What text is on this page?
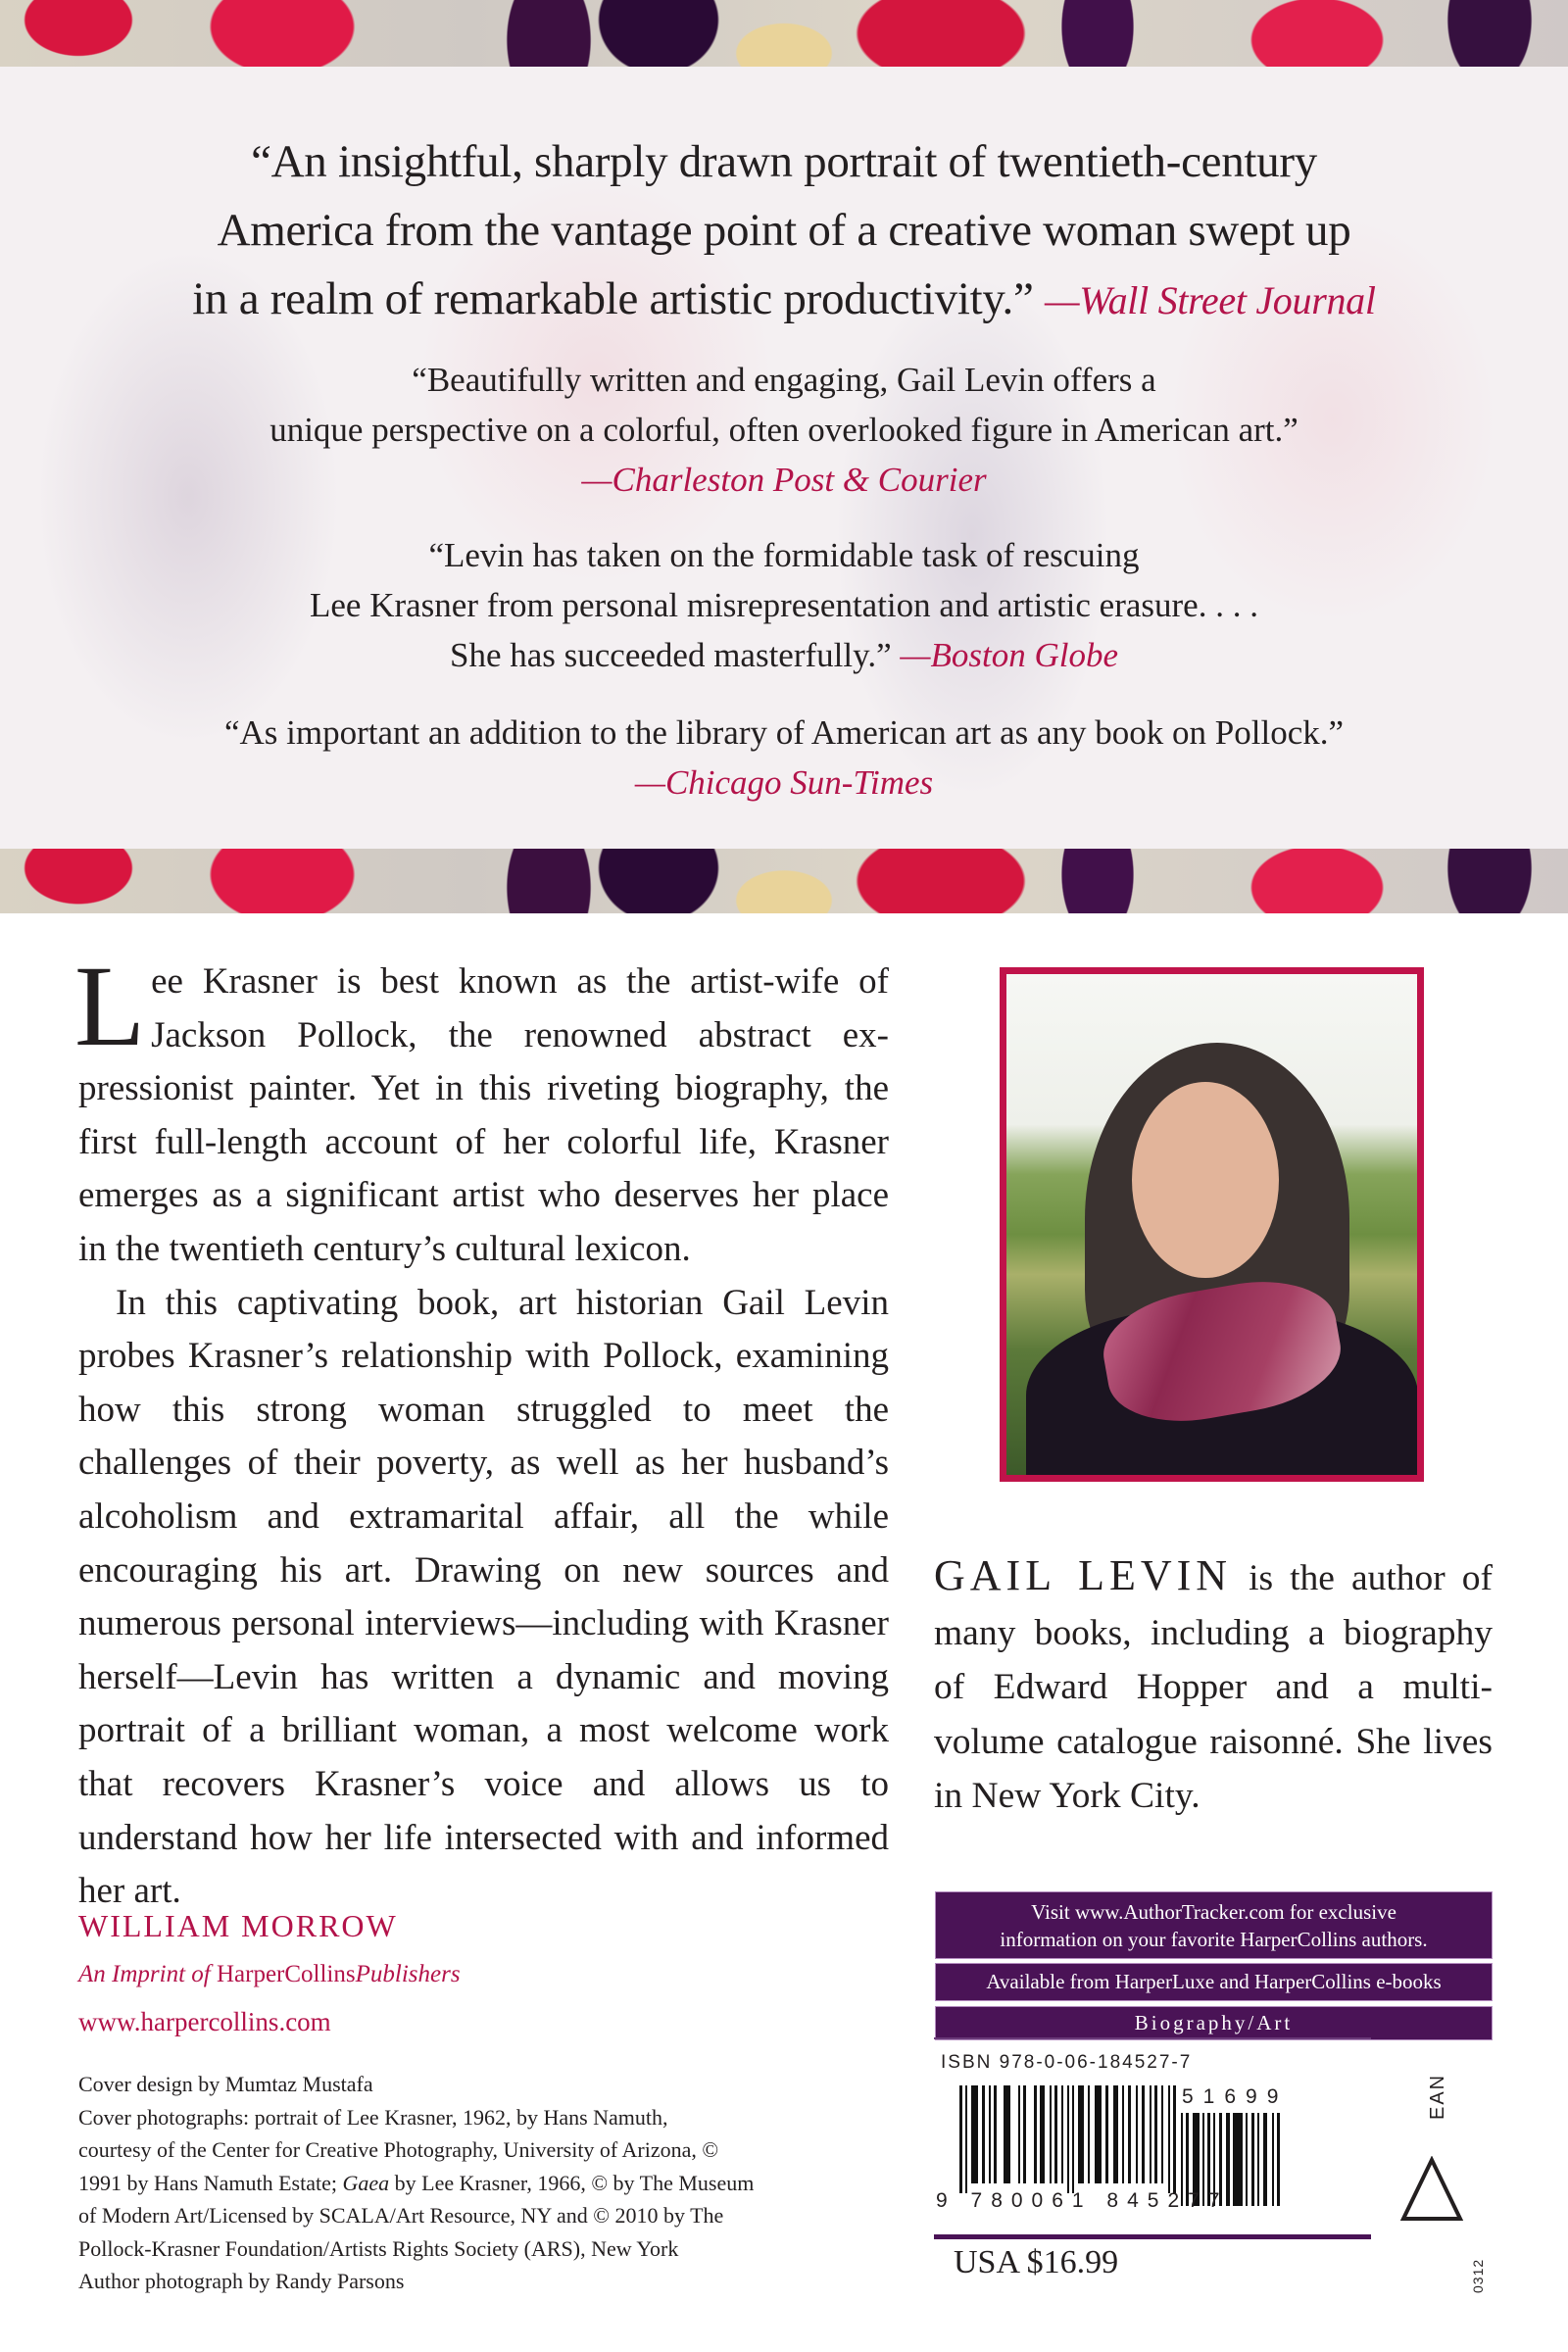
“An insightful, sharply drawn portrait of twentieth-century
America from the vantage point of a creative woman swept up
in a realm of remarkable artistic productivity.” —Wall Street Journal
“Beautifully written and engaging, Gail Levin offers a
unique perspective on a colorful, often overlooked figure in American art.”
—Charleston Post & Courier
“Levin has taken on the formidable task of rescuing
Lee Krasner from personal misrepresentation and artistic erasure. . . .
She has succeeded masterfully.” —Boston Globe
“As important an addition to the library of American art as any book on Pollock.”
—Chicago Sun-Times

Lee Krasner is best known as the artist-wife of Jackson Pollock, the renowned abstract expressionist painter. Yet in this riveting biography, the first full-length account of her colorful life, Krasner emerges as a significant artist who deserves her place in the twentieth century’s cultural lexicon.

In this captivating book, art historian Gail Levin probes Krasner’s relationship with Pollock, examining how this strong woman struggled to meet the challenges of their poverty, as well as her husband’s alcoholism and extramarital affair, all the while encouraging his art. Drawing on new sources and numerous personal interviews—including with Krasner herself—Levin has written a dynamic and moving portrait of a brilliant woman, a most welcome work that recovers Krasner’s voice and allows us to understand how her life intersected with and informed her art.

GAIL LEVIN is the author of many books, including a biography of Edward Hopper and a multi-volume catalogue raisonné. She lives in New York City.
WILLIAM MORROW
An Imprint of HarperCollinsPublishers
www.harpercollins.com
Cover design by Mumtaz Mustafa
Cover photographs: portrait of Lee Krasner, 1962, by Hans Namuth,
courtesy of the Center for Creative Photography, University of Arizona, ©
1991 by Hans Namuth Estate; Gaea by Lee Krasner, 1966, © by The Museum
of Modern Art/Licensed by SCALA/Art Resource, NY and © 2010 by The
Pollock-Krasner Foundation/Artists Rights Society (ARS), New York
Author photograph by Randy Parsons
Visit www.AuthorTracker.com for exclusive
information on your favorite HarperCollins authors.
Available from HarperLuxe and HarperCollins e-books
Biography/Art
ISBN 978-0-06-184527-7
51699
9 780061 845277
EAN
USA $16.99	0312
